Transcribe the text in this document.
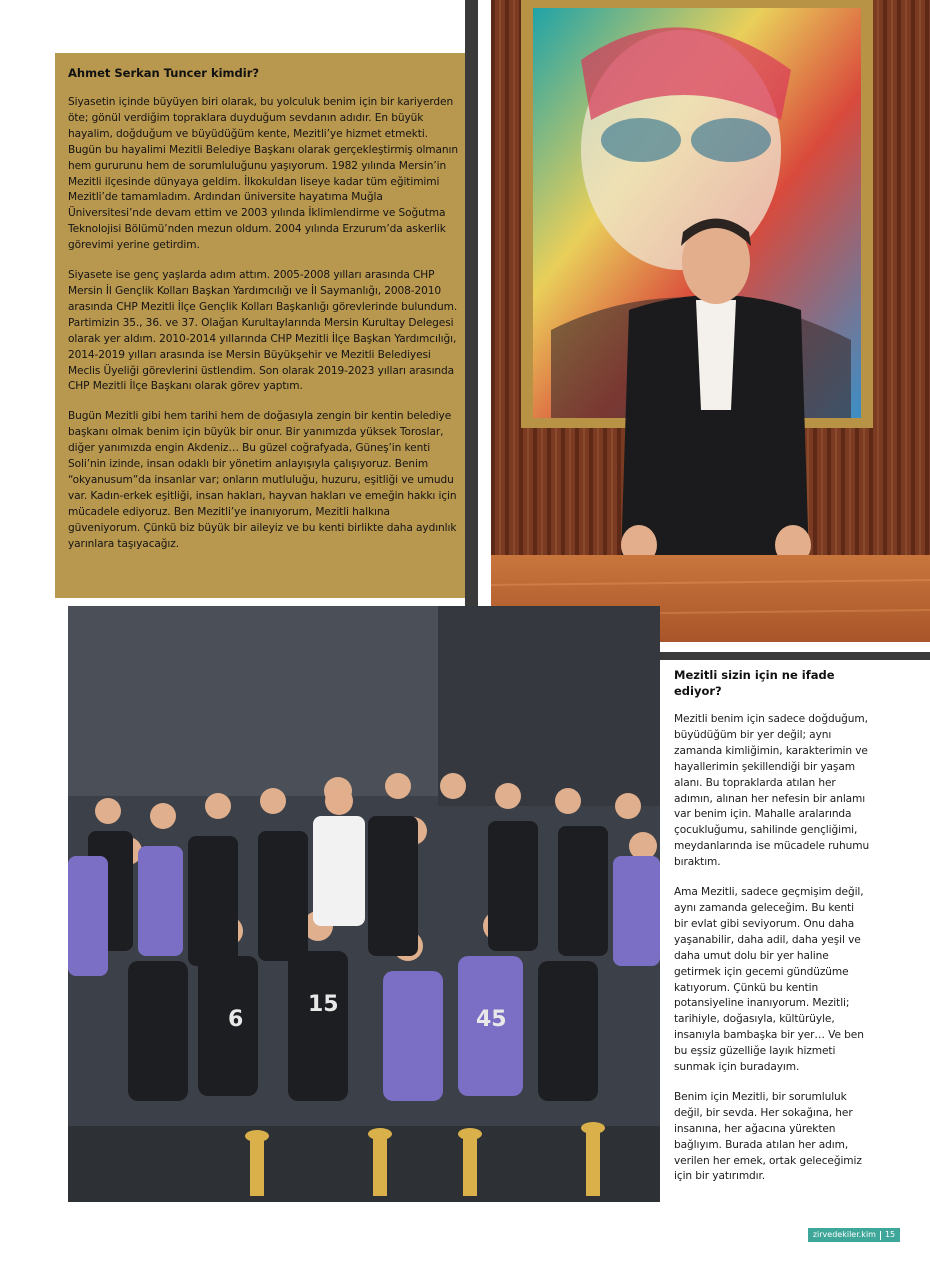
Ahmet Serkan Tuncer kimdir?

Siyasetin içinde büyüyen biri olarak, bu yolculuk benim için bir kariyerden öte; gönül verdiğim topraklara duyduğum sevdanın adıdır. En büyük hayalim, doğduğum ve büyüdüğüm kente, Mezitli’ye hizmet etmekti. Bugün bu hayalimi Mezitli Belediye Başkanı olarak gerçekleştirmiş olmanın hem gururunu hem de sorumluluğunu yaşıyorum. 1982 yılında Mersin’in Mezitli ilçesinde dünyaya geldim. İlkokuldan liseye kadar tüm eğitimimi Mezitli’de tamamladım. Ardından üniversite hayatıma Muğla Üniversitesi’nde devam ettim ve 2003 yılında İklimlendirme ve Soğutma Teknolojisi Bölümü’nden mezun oldum. 2004 yılında Erzurum’da askerlik görevimi yerine getirdim.

Siyasete ise genç yaşlarda adım attım. 2005-2008 yılları arasında CHP Mersin İl Gençlik Kolları Başkan Yardımcılığı ve İl Saymanlığı, 2008-2010 arasında CHP Mezitli İlçe Gençlik Kolları Başkanlığı görevlerinde bulundum. Partimizin 35., 36. ve 37. Olağan Kurultaylarında Mersin Kurultay Delegesi olarak yer aldım. 2010-2014 yıllarında CHP Mezitli İlçe Başkan Yardımcılığı, 2014-2019 yılları arasında ise Mersin Büyükşehir ve Mezitli Belediyesi Meclis Üyeliği görevlerini üstlendim. Son olarak 2019-2023 yılları arasında CHP Mezitli İlçe Başkanı olarak görev yaptım.

Bugün Mezitli gibi hem tarihi hem de doğasıyla zengin bir kentin belediye başkanı olmak benim için büyük bir onur. Bir yanımızda yüksek Toroslar, diğer yanımızda engin Akdeniz… Bu güzel coğrafyada, Güneş’in kenti Soli’nin izinde, insan odaklı bir yönetim anlayışıyla çalışıyoruz. Benim “okyanusum”da insanlar var; onların mutluluğu, huzuru, eşitliği ve umudu var. Kadın-erkek eşitliği, insan hakları, hayvan hakları ve emeğin hakkı için mücadele ediyoruz. Ben Mezitli’ye inanıyorum, Mezitli halkına güveniyorum. Çünkü biz büyük bir aileyiz ve bu kenti birlikte daha aydınlık yarınlara taşıyacağız.

6
15
45
Mezitli sizin için ne ifade ediyor?

Mezitli benim için sadece doğduğum, büyüdüğüm bir yer değil; aynı zamanda kimliğimin, karakterimin ve hayallerimin şekillendiği bir yaşam alanı. Bu topraklarda atılan her adımın, alınan her nefesin bir anlamı var benim için. Mahalle aralarında çocukluğumu, sahilinde gençliğimi, meydanlarında ise mücadele ruhumu bıraktım.

Ama Mezitli, sadece geçmişim değil, aynı zamanda geleceğim. Bu kenti bir evlat gibi seviyorum. Onu daha yaşanabilir, daha adil, daha yeşil ve daha umut dolu bir yer haline getirmek için gecemi gündüzüme katıyorum. Çünkü bu kentin potansiyeline inanıyorum. Mezitli; tarihiyle, doğasıyla, kültürüyle, insanıyla bambaşka bir yer… Ve ben bu eşsiz güzelliğe layık hizmeti sunmak için buradayım.

Benim için Mezitli, bir sorumluluk değil, bir sevda. Her sokağına, her insanına, her ağacına yürekten bağlıyım. Burada atılan her adım, verilen her emek, ortak geleceğimiz için bir yatırımdır.

zirvedekiler.kim 15
